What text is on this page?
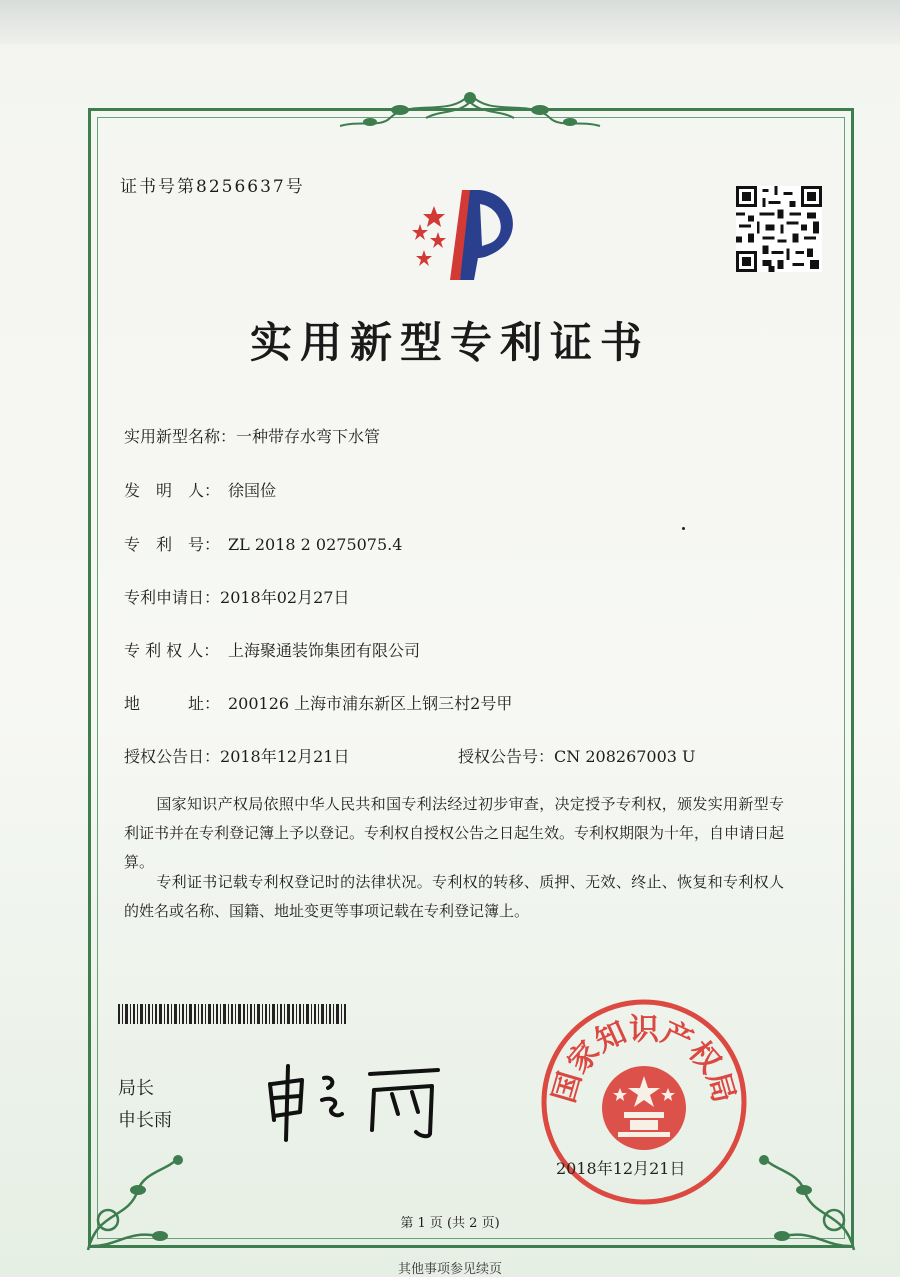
证书号第8256637号
实用新型专利证书
实用新型名称：一种带存水弯下水管
发　明　人： 徐国俭
专　利　号： ZL 2018 2 0275075.4
专利申请日：2018年02月27日
专 利 权 人： 上海聚通装饰集团有限公司
地　　　址： 200126 上海市浦东新区上钢三村2号甲
授权公告日：2018年12月21日	授权公告号：CN 208267003 U
国家知识产权局依照中华人民共和国专利法经过初步审查，决定授予专利权，颁发实用新型专利证书并在专利登记簿上予以登记。专利权自授权公告之日起生效。专利权期限为十年，自申请日起算。
专利证书记载专利权登记时的法律状况。专利权的转移、质押、无效、终止、恢复和专利权人的姓名或名称、国籍、地址变更等事项记载在专利登记簿上。
局长
申长雨
国家知识产权局
2018年12月21日
第 1 页 (共 2 页)
其他事项参见续页
